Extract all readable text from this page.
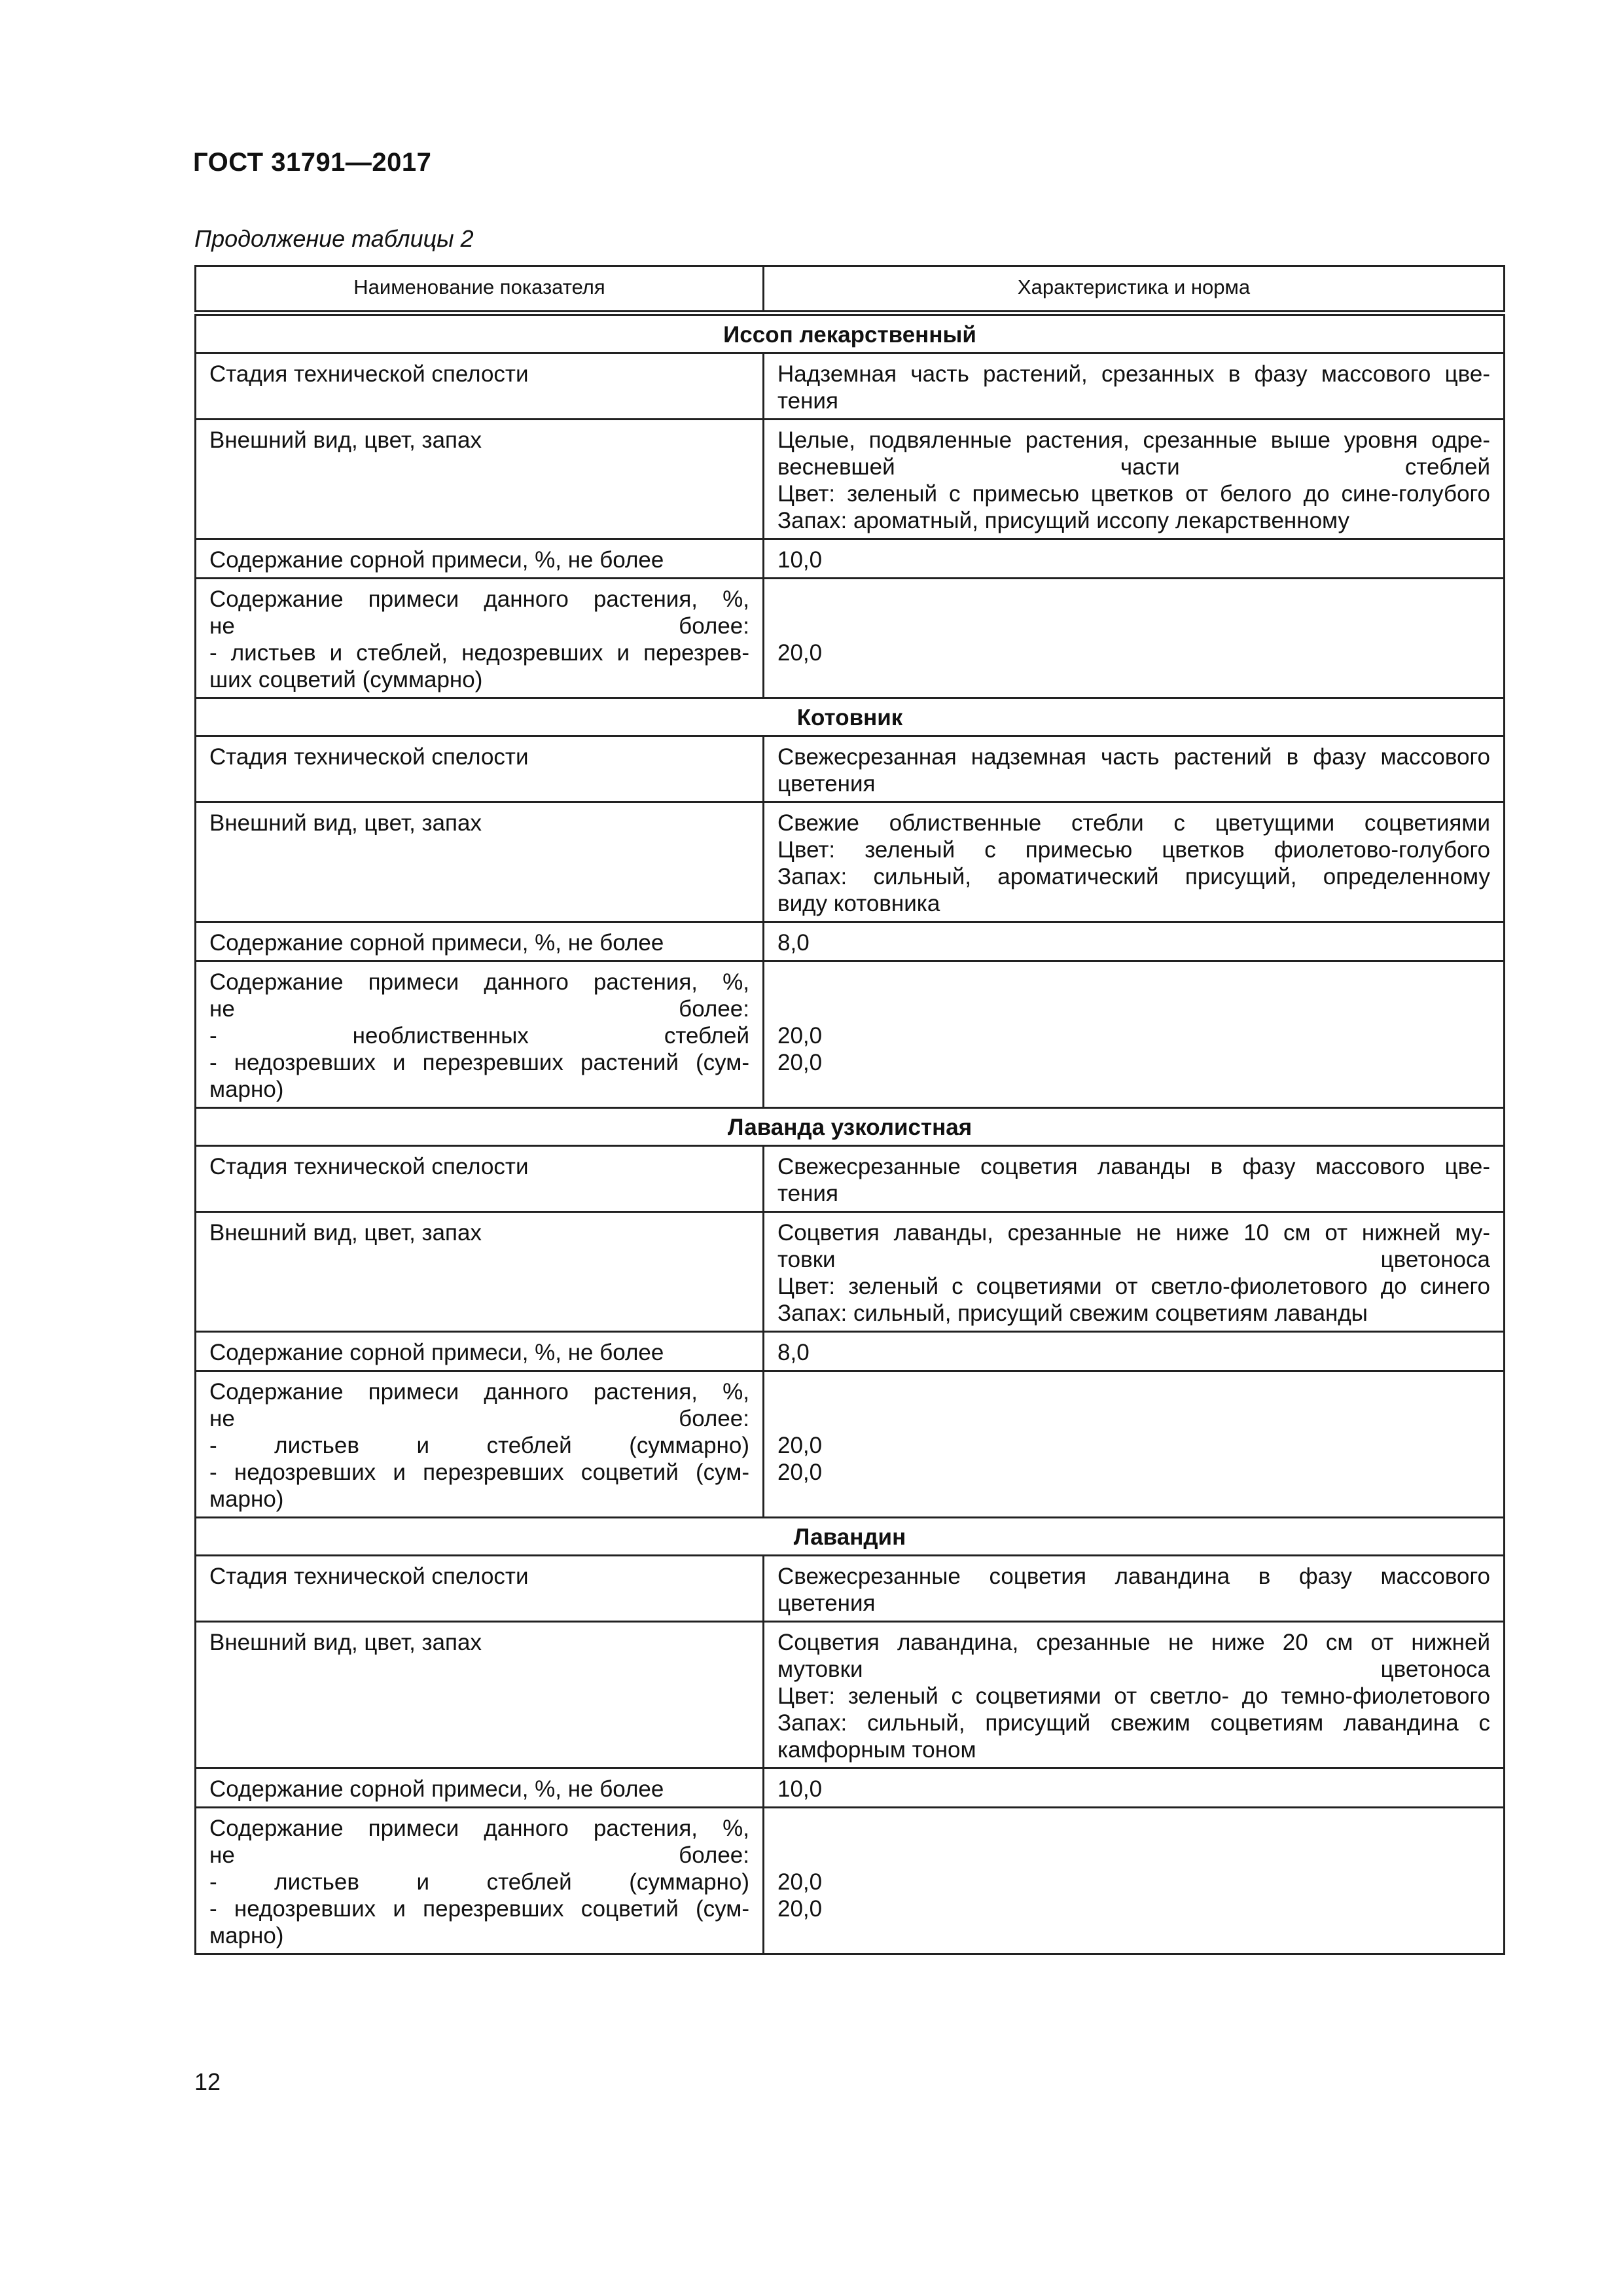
ГОСТ 31791—2017
Продолжение таблицы 2
Наименование показателя	Характеристика и норма
Иссоп лекарственный	

Стадия технической спелости	Надземная часть растений, срезанных в фазу массового цве-
тения

Внешний вид, цвет, запах	Целые, подвяленные растения, срезанные выше уровня одре-
весневшей части стеблей
Цвет: зеленый с примесью цветков от белого до сине-голубого
Запах: ароматный, присущий иссопу лекарственному

Содержание сорной примеси, %, не более	10,0

Содержание примеси данного растения, %,
не более:
- листьев и стеблей, недозревших и перезрев-
ших соцветий (суммарно)	20,0

Котовник	

Стадия технической спелости	Свежесрезанная надземная часть растений в фазу массового
цветения

Внешний вид, цвет, запах	Свежие облиственные стебли с цветущими соцветиями
Цвет: зеленый с примесью цветков фиолетово-голубого
Запах: сильный, ароматический присущий, определенному
виду котовника

Содержание сорной примеси, %, не более	8,0

Содержание примеси данного растения, %,
не более:
- необлиственных стеблей
- недозревших и перезревших растений (сум-
марно)	20,0
20,0

Лаванда узколистная	

Стадия технической спелости	Свежесрезанные соцветия лаванды в фазу массового цве-
тения

Внешний вид, цвет, запах	Соцветия лаванды, срезанные не ниже 10 см от нижней му-
товки цветоноса
Цвет: зеленый с соцветиями от светло-фиолетового до синего
Запах: сильный, присущий свежим соцветиям лаванды

Содержание сорной примеси, %, не более	8,0

Содержание примеси данного растения, %,
не более:
- листьев и стеблей (суммарно)
- недозревших и перезревших соцветий (сум-
марно)	20,0
20,0

Лавандин	

Стадия технической спелости	Свежесрезанные соцветия лавандина в фазу массового
цветения

Внешний вид, цвет, запах	Соцветия лавандина, срезанные не ниже 20 см от нижней
мутовки цветоноса
Цвет: зеленый с соцветиями от светло- до темно-фиолетового
Запах: сильный, присущий свежим соцветиям лавандина с
камфорным тоном

Содержание сорной примеси, %, не более	10,0

Содержание примеси данного растения, %,
не более:
- листьев и стеблей (суммарно)
- недозревших и перезревших соцветий (сум-
марно)	20,0
20,0

12
